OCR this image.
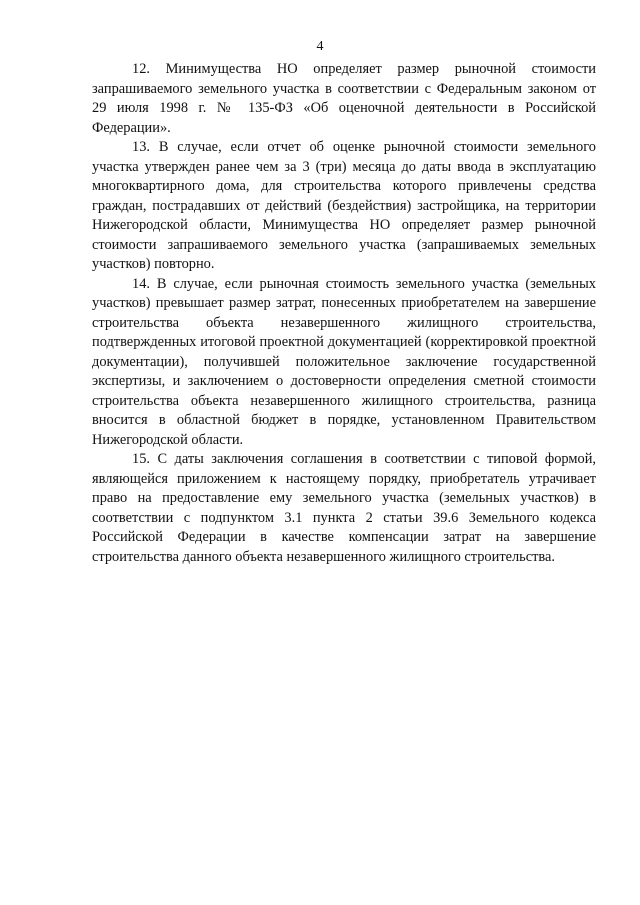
4

12. Минимущества НО определяет размер рыночной стоимости запрашиваемого земельного участка в соответствии с Федеральным законом от 29 июля 1998 г. № 135-ФЗ «Об оценочной деятельности в Российской Федерации».

13. В случае, если отчет об оценке рыночной стоимости земельного участка утвержден ранее чем за 3 (три) месяца до даты ввода в эксплуатацию многоквартирного дома, для строительства которого привлечены средства граждан, пострадавших от действий (бездействия) застройщика, на территории Нижегородской области, Минимущества НО определяет размер рыночной стоимости запрашиваемого земельного участка (запрашиваемых земельных участков) повторно.

14. В случае, если рыночная стоимость земельного участка (земельных участков) превышает размер затрат, понесенных приобретателем на завершение строительства объекта незавершенного жилищного строительства, подтвержденных итоговой проектной документацией (корректировкой проектной документации), получившей положительное заключение государственной экспертизы, и заключением о достоверности определения сметной стоимости строительства объекта незавершенного жилищного строительства, разница вносится в областной бюджет в порядке, установленном Правительством Нижегородской области.

15. С даты заключения соглашения в соответствии с типовой формой, являющейся приложением к настоящему порядку, приобретатель утрачивает право на предоставление ему земельного участка (земельных участков) в соответствии с подпунктом 3.1 пункта 2 статьи 39.6 Земельного кодекса Российской Федерации в качестве компенсации затрат на завершение строительства данного объекта незавершенного жилищного строительства.
